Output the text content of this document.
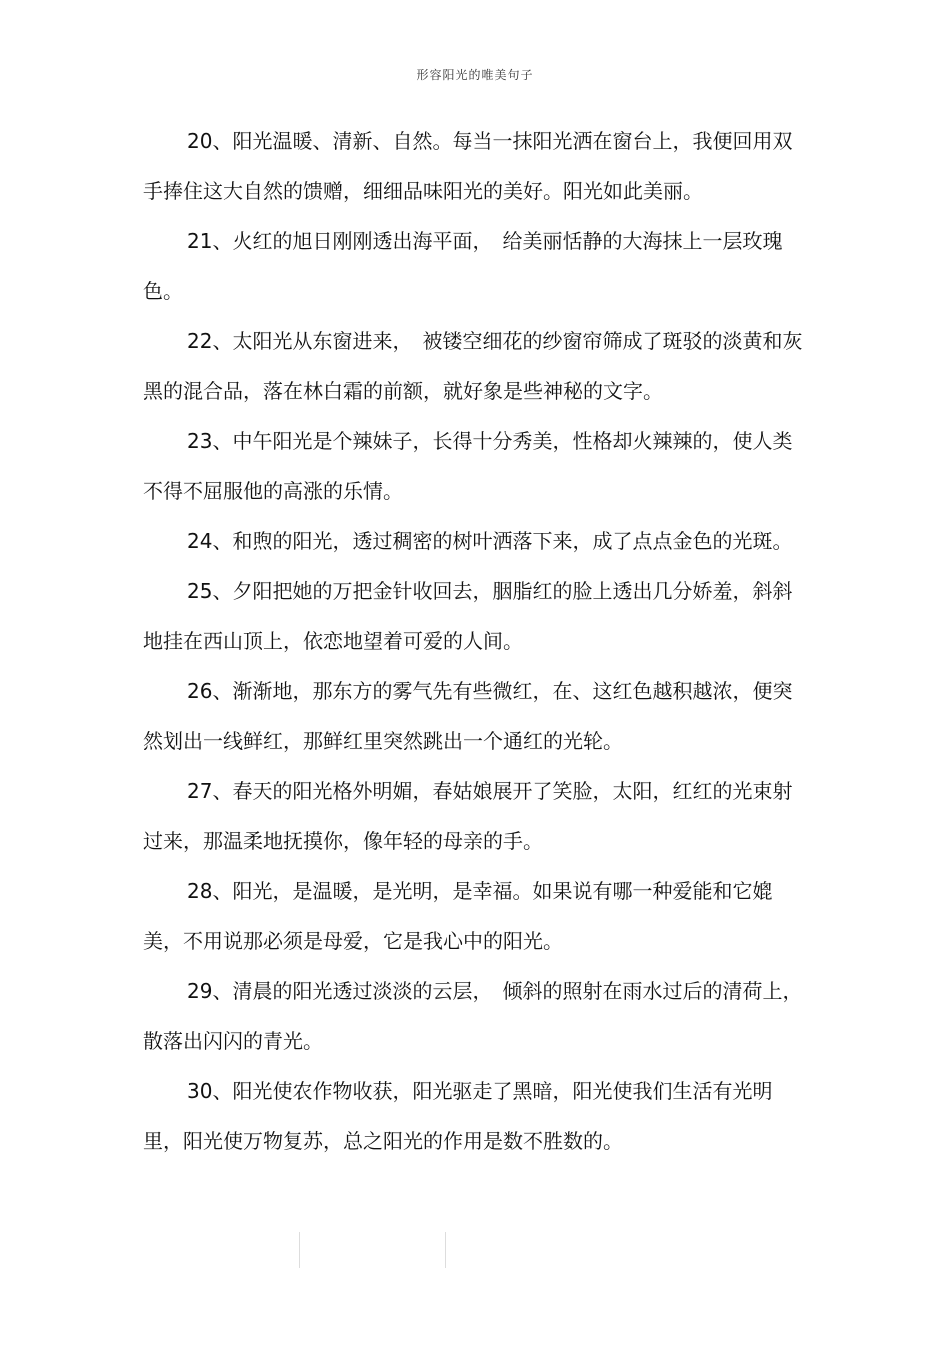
形容阳光的唯美句子

20、阳光温暖、清新、自然。每当一抹阳光洒在窗台上，我便回用双手捧住这大自然的馈赠，细细品味阳光的美好。阳光如此美丽。

21、火红的旭日刚刚透出海平面，　给美丽恬静的大海抹上一层玫瑰色。

22、太阳光从东窗进来，　被镂空细花的纱窗帘筛成了斑驳的淡黄和灰黑的混合品，落在林白霜的前额，就好象是些神秘的文字。

23、中午阳光是个辣妹子，长得十分秀美，性格却火辣辣的，使人类不得不屈服他的高涨的乐情。

24、和煦的阳光，透过稠密的树叶洒落下来，成了点点金色的光斑。

25、夕阳把她的万把金针收回去，胭脂红的脸上透出几分娇羞，斜斜地挂在西山顶上，依恋地望着可爱的人间。

26、渐渐地，那东方的雾气先有些微红，在、这红色越积越浓，便突然划出一线鲜红，那鲜红里突然跳出一个通红的光轮。

27、春天的阳光格外明媚，春姑娘展开了笑脸，太阳，红红的光束射过来，那温柔地抚摸你，像年轻的母亲的手。

28、阳光，是温暖，是光明，是幸福。如果说有哪一种爱能和它媲美，不用说那必须是母爱，它是我心中的阳光。

29、清晨的阳光透过淡淡的云层，　倾斜的照射在雨水过后的清荷上，散落出闪闪的青光。

30、阳光使农作物收获，阳光驱走了黑暗，阳光使我们生活有光明里，阳光使万物复苏，总之阳光的作用是数不胜数的。
